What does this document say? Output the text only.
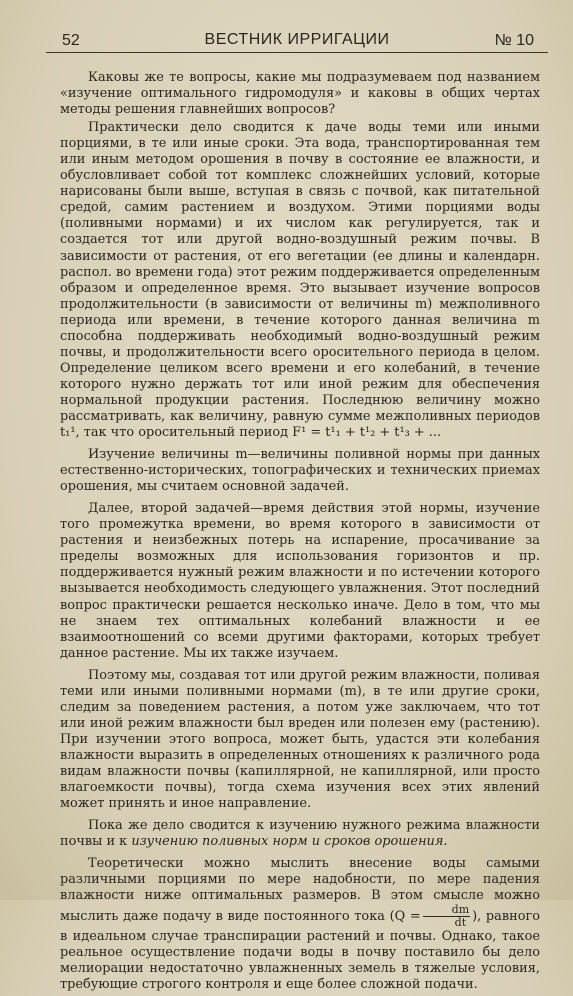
52	ВЕСТНИК ИРРИГАЦИИ	№ 10

Каковы же те вопросы, какие мы подразумеваем под названием «изучение оптимального гидромодуля» и каковы в общих чертах методы решения главнейших вопросов?

Практически дело сводится к даче воды теми или иными порциями, в те или иные сроки. Эта вода, транспортированная тем или иным методом орошения в почву в состояние ее влажности, и обусловливает собой тот комплекс сложнейших условий, которые нарисованы были выше, вступая в связь с почвой, как питательной средой, самим растением и воздухом. Этими порциями воды (поливными нормами) и их числом как регулируется, так и создается тот или другой водно-воздушный режим почвы. В зависимости от растения, от его вегетации (ее длины и календарн. распол. во времени года) этот режим поддерживается определенным образом и определенное время. Это вызывает изучение вопросов продолжительности (в зависимости от величины m) межполивного периода или времени, в течение которого данная величина m способна поддерживать необходимый водно-воздушный режим почвы, и продолжительности всего оросительного периода в целом. Определение целиком всего времени и его колебаний, в течение которого нужно держать тот или иной режим для обеспечения нормальной продукции растения. Последнюю величину можно рассматривать, как величину, равную сумме межполивных периодов t₁¹, так что оросительный период F¹ = t¹₁ + t¹₂ + t¹₃ + ...

Изучение величины m—величины поливной нормы при данных естественно-исторических, топографических и технических приемах орошения, мы считаем основной задачей.

Далее, второй задачей—время действия этой нормы, изучение того промежутка времени, во время которого в зависимости от растения и неизбежных потерь на испарение, просачивание за пределы возможных для использования горизонтов и пр. поддерживается нужный режим влажности и по истечении которого вызывается необходимость следующего увлажнения. Этот последний вопрос практически решается несколько иначе. Дело в том, что мы не знаем тех оптимальных колебаний влажности и ее взаимоотношений со всеми другими факторами, которых требует данное растение. Мы их также изучаем.

Поэтому мы, создавая тот или другой режим влажности, поливая теми или иными поливными нормами (m), в те или другие сроки, следим за поведением растения, а потом уже заключаем, что тот или иной режим влажности был вреден или полезен ему (растению). При изучении этого вопроса, может быть, удастся эти колебания влажности выразить в определенных отношениях к различного рода видам влажности почвы (капиллярной, не капиллярной, или просто влагоемкости почвы), тогда схема изучения всех этих явлений может принять и иное направление.

Пока же дело сводится к изучению нужного режима влажности почвы и к изучению поливных норм и сроков орошения.

Теоретически можно мыслить внесение воды самыми различными порциями по мере надобности, по мере падения влажности ниже оптимальных размеров. В этом смысле можно мыслить даже подачу в виде постоянного тока ($Q = \frac{dm}{dt}$ ), равного в идеальном случае транспирации растений и почвы. Однако, такое реальное осуществление подачи воды в почву поставило бы дело мелиорации недостаточно увлажненных земель в тяжелые условия, требующие строгого контроля и еще более сложной подачи.
